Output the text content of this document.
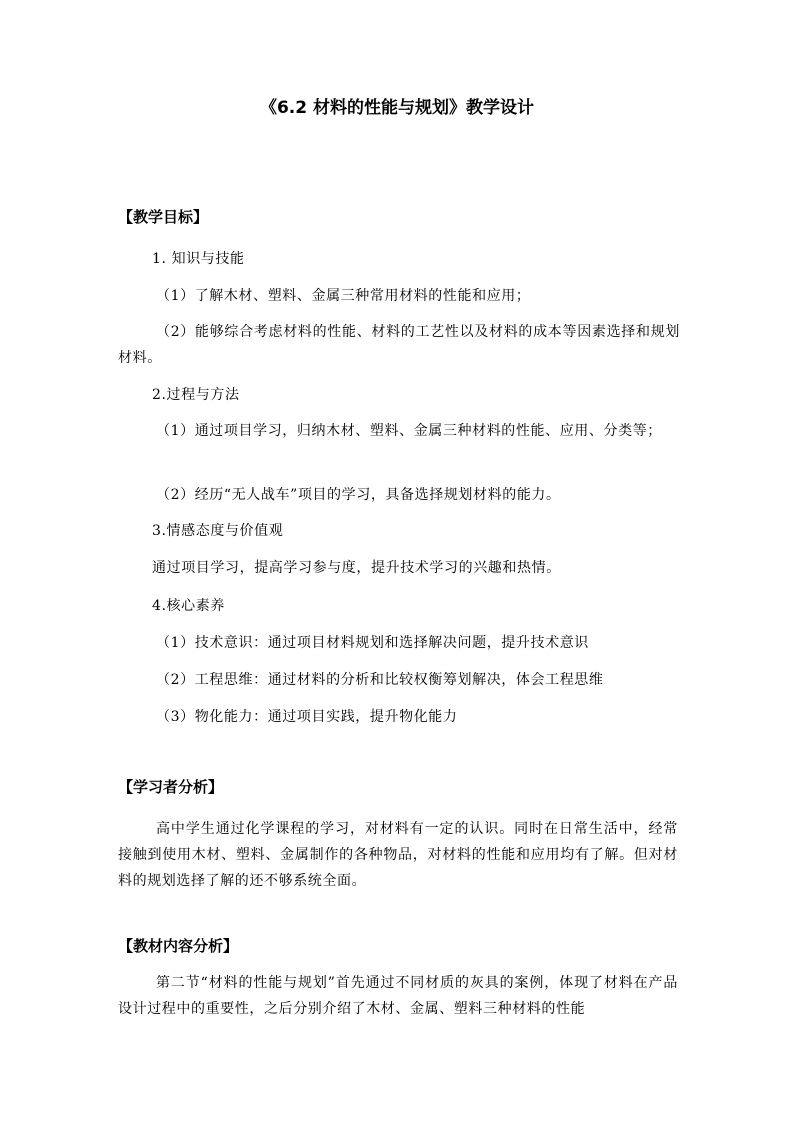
《6.2 材料的性能与规划》教学设计
【教学目标】
1. 知识与技能
（1）了解木材、塑料、金属三种常用材料的性能和应用；
（2）能够综合考虑材料的性能、材料的工艺性以及材料的成本等因素选择和规划材料。
2.过程与方法
（1）通过项目学习，归纳木材、塑料、金属三种材料的性能、应用、分类等；
（2）经历“无人战车”项目的学习，具备选择规划材料的能力。
3.情感态度与价值观
通过项目学习，提高学习参与度，提升技术学习的兴趣和热情。
4.核心素养
（1）技术意识：通过项目材料规划和选择解决问题，提升技术意识
（2）工程思维：通过材料的分析和比较权衡筹划解决，体会工程思维
（3）物化能力：通过项目实践，提升物化能力
【学习者分析】
高中学生通过化学课程的学习，对材料有一定的认识。同时在日常生活中，经常接触到使用木材、塑料、金属制作的各种物品，对材料的性能和应用均有了解。但对材料的规划选择了解的还不够系统全面。
【教材内容分析】
第二节“材料的性能与规划”首先通过不同材质的灰具的案例，体现了材料在产品设计过程中的重要性，之后分别介绍了木材、金属、塑料三种材料的性能
